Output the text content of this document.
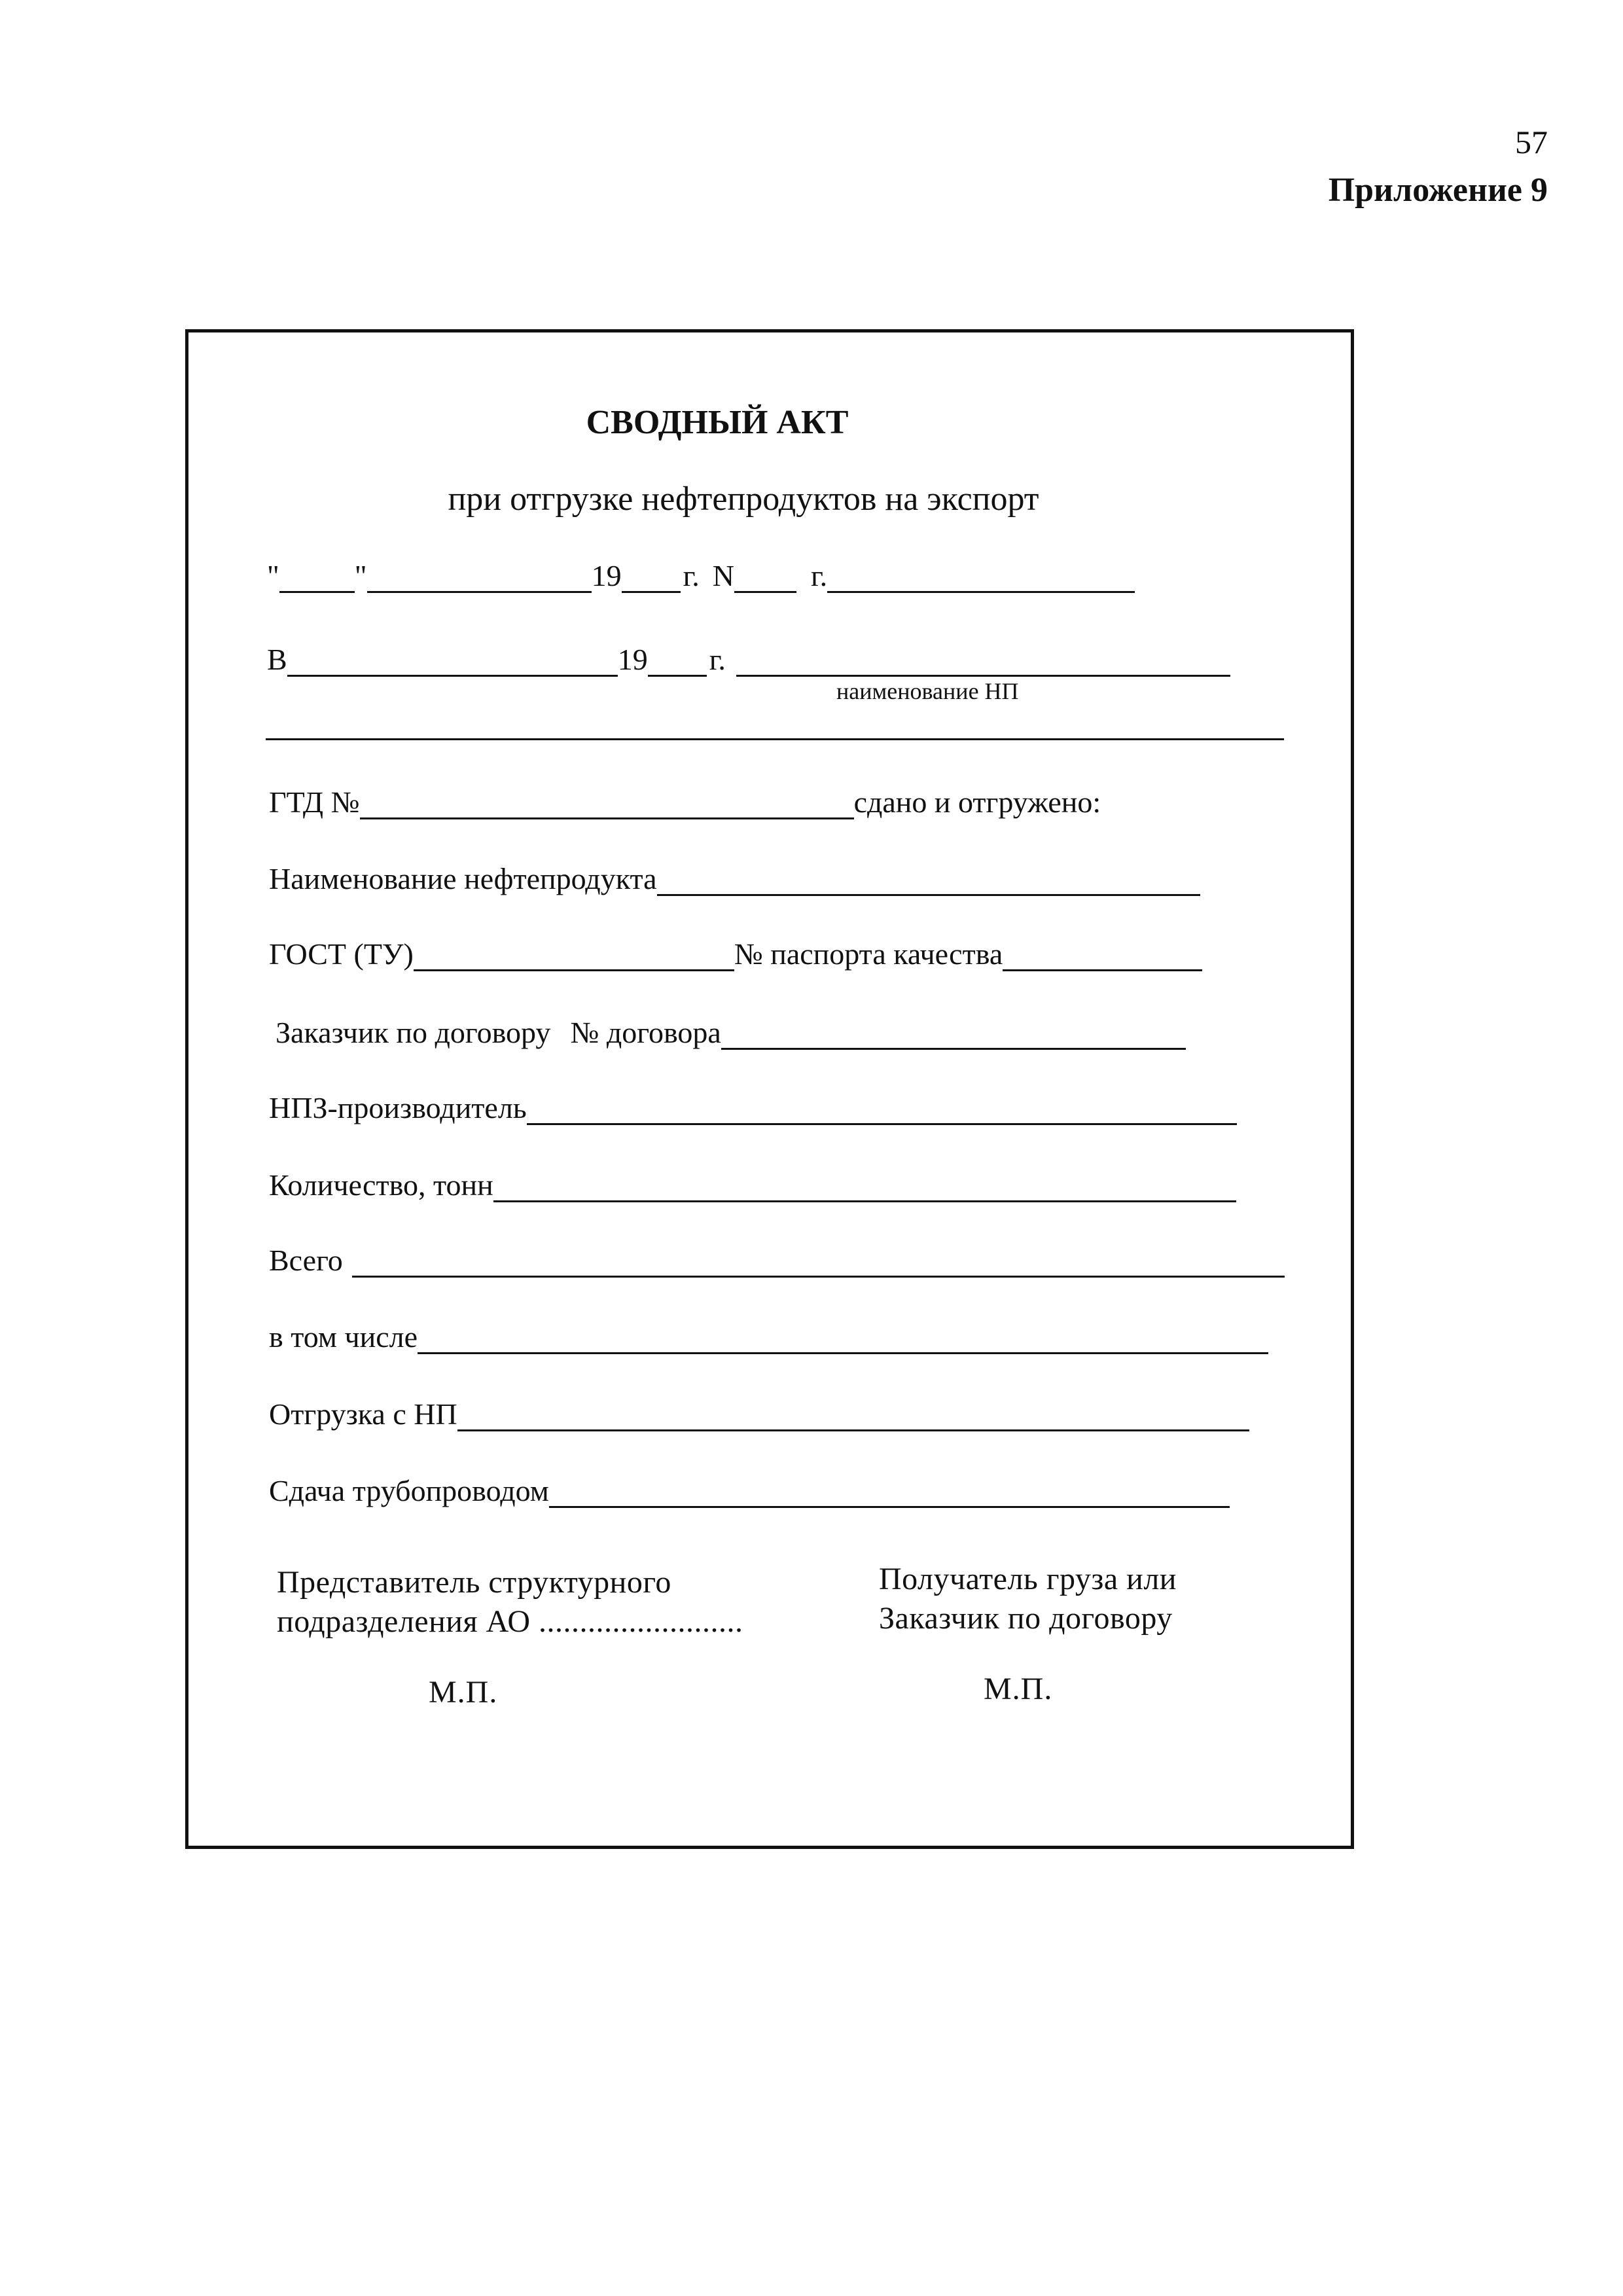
57
Приложение 9
СВОДНЫЙ АКТ
при отгрузке нефтепродуктов на экспорт
"	"	19 г. N	г.
В	19 г.
наименование НП
ГТД №	сдано и отгружено:
Наименование нефтепродукта
ГОСТ (ТУ)	№ паспорта качества
Заказчик по договору № договора
НПЗ-производитель
Количество, тонн
Всего
в том числе
Отгрузка с НП
Сдача трубопроводом
Представитель структурного
подразделения АО .........................
Получатель груза или
Заказчик по договору
М.П.	М.П.
